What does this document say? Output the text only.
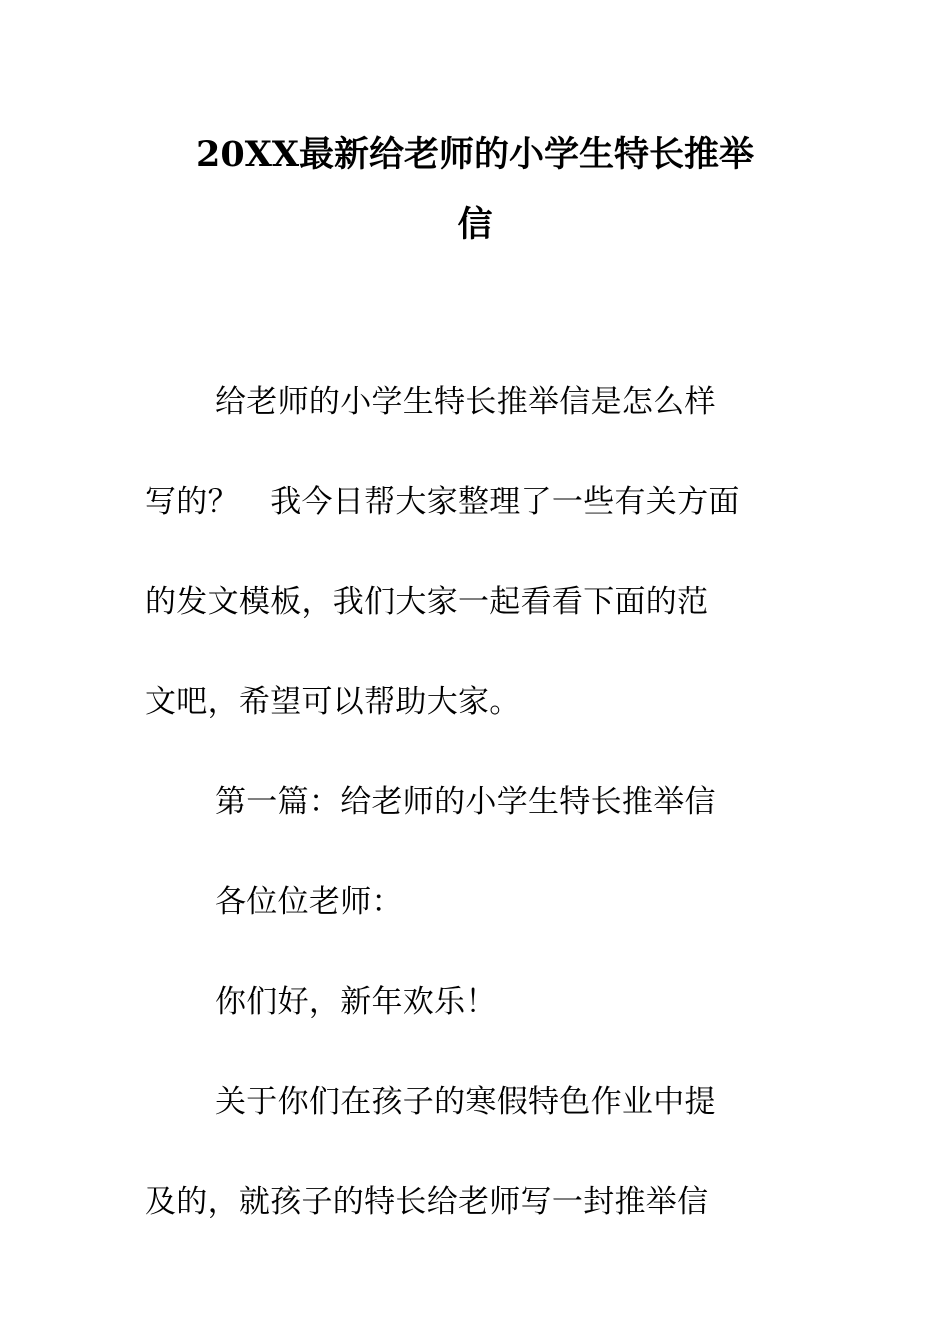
20XX最新给老师的小学生特长推举
信
给老师的小学生特长推举信是怎么样
写的？　我今日帮大家整理了一些有关方面
的发文模板，我们大家一起看看下面的范
文吧，希望可以帮助大家。
第一篇：给老师的小学生特长推举信
各位位老师：
你们好，新年欢乐！
关于你们在孩子的寒假特色作业中提
及的，就孩子的特长给老师写一封推举信
